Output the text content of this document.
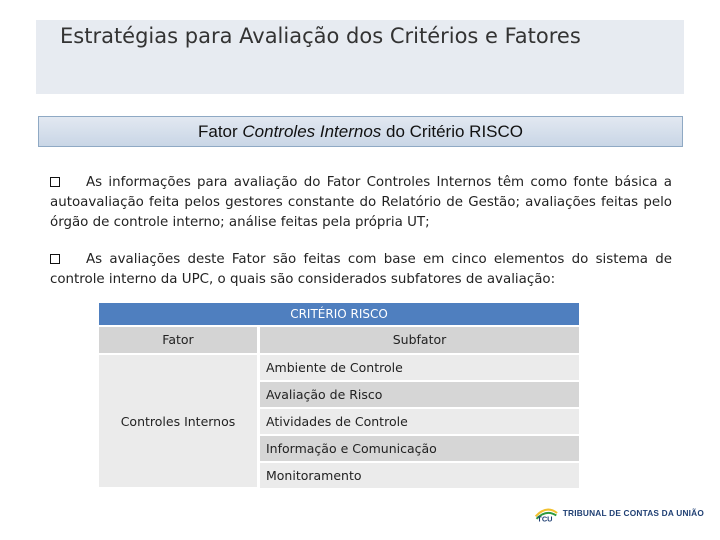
Estratégias para Avaliação dos Critérios e Fatores
Fator Controles Internos do Critério RISCO
As informações para avaliação do Fator Controles Internos têm como fonte básica a autoavaliação feita pelos gestores constante do Relatório de Gestão; avaliações feitas pelo órgão de controle interno; análise feitas pela própria UT;
As avaliações deste Fator são feitas com base em cinco elementos do sistema de controle interno da UPC, o quais são considerados subfatores de avaliação:
CRITÉRIO RISCO
Fator	Subfator
Controles Internos
Ambiente de Controle
Avaliação de Risco
Atividades de Controle
Informação e Comunicação
Monitoramento
TCU
TRIBUNAL DE CONTAS DA UNIÃO
